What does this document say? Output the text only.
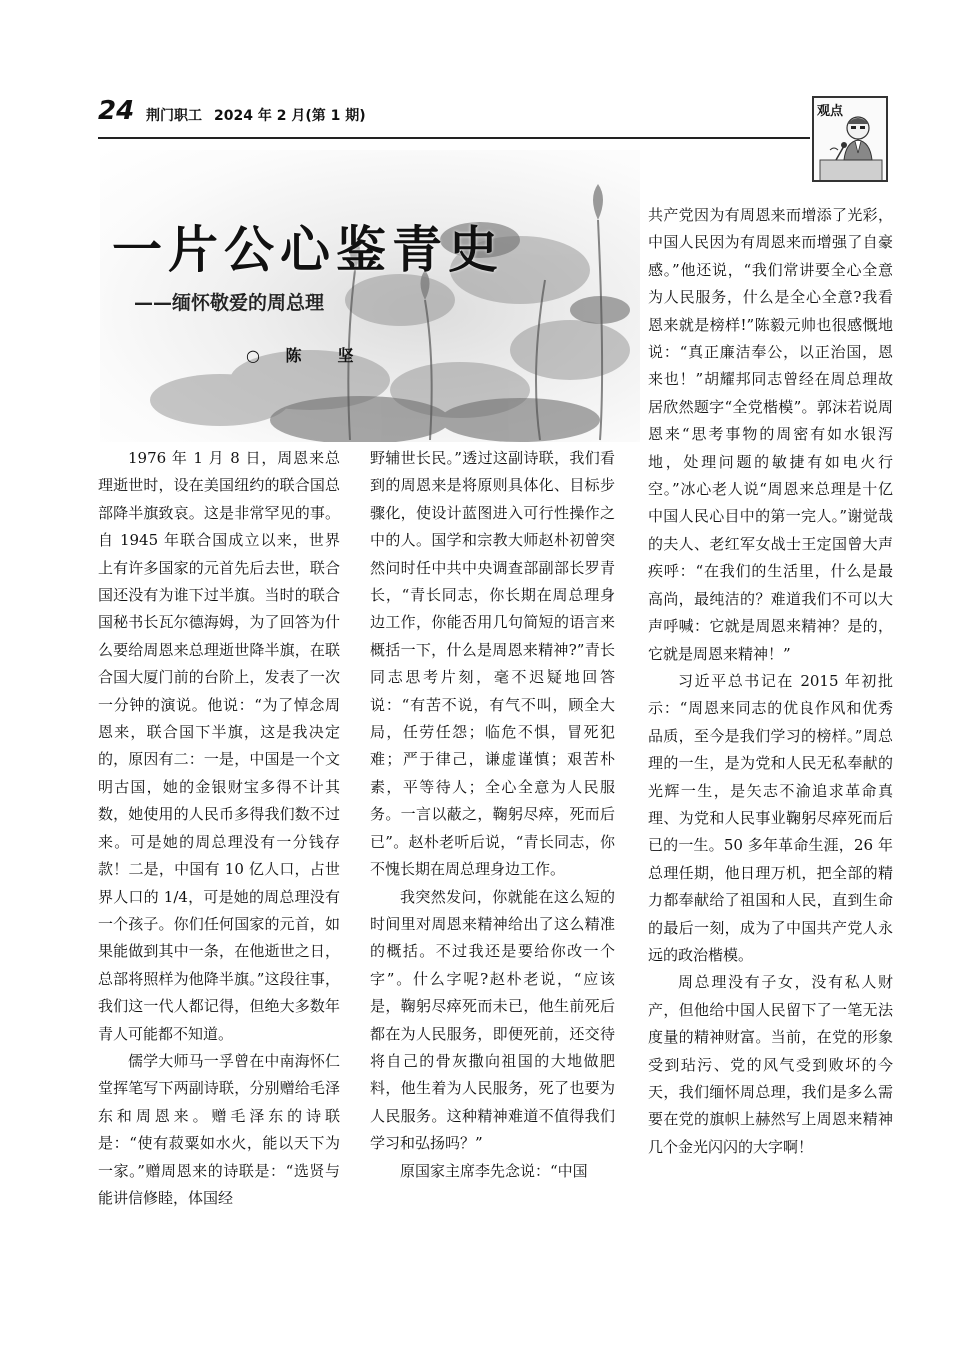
24 荆门职工 2024 年 2 月(第 1 期)	观点
一片公心鉴青史
——缅怀敬爱的周总理
○ 陈　坚

1976 年 1 月 8 日，周恩来总理逝世时，设在美国纽约的联合国总部降半旗致哀。这是非常罕见的事。自 1945 年联合国成立以来，世界上有许多国家的元首先后去世，联合国还没有为谁下过半旗。当时的联合国秘书长瓦尔德海姆，为了回答为什么要给周恩来总理逝世降半旗，在联合国大厦门前的台阶上，发表了一次一分钟的演说。他说：“为了悼念周恩来，联合国下半旗，这是我决定的，原因有二：一是，中国是一个文明古国，她的金银财宝多得不计其数，她使用的人民币多得我们数不过来。可是她的周总理没有一分钱存款！二是，中国有 10 亿人口，占世界人口的 1/4，可是她的周总理没有一个孩子。你们任何国家的元首，如果能做到其中一条，在他逝世之日，总部将照样为他降半旗。”这段往事，我们这一代人都记得，但绝大多数年青人可能都不知道。

儒学大师马一孚曾在中南海怀仁堂挥笔写下两副诗联，分别赠给毛泽东和周恩来。赠毛泽东的诗联是：“使有菽粟如水火，能以天下为一家。”赠周恩来的诗联是：“选贤与能讲信修睦，体国经

野辅世长民。”透过这副诗联，我们看到的周恩来是将原则具体化、目标步骤化，使设计蓝图进入可行性操作之中的人。国学和宗教大师赵朴初曾突然问时任中共中央调查部副部长罗青长，“青长同志，你长期在周总理身边工作，你能否用几句简短的语言来概括一下，什么是周恩来精神?”青长同志思考片刻，毫不迟疑地回答说：“有苦不说，有气不叫，顾全大局，任劳任怨；临危不惧，冒死犯难；严于律己，谦虚谨慎；艰苦朴素，平等待人；全心全意为人民服务。一言以蔽之，鞠躬尽瘁，死而后已”。赵朴老听后说，“青长同志，你不愧长期在周总理身边工作。

我突然发问，你就能在这么短的时间里对周恩来精神给出了这么精准的概括。不过我还是要给你改一个字”。什么字呢?赵朴老说，“应该是，鞠躬尽瘁死而未已，他生前死后都在为人民服务，即便死前，还交待将自己的骨灰撒向祖国的大地做肥料，他生着为人民服务，死了也要为人民服务。这种精神难道不值得我们学习和弘扬吗？”

原国家主席李先念说：“中国

共产党因为有周恩来而增添了光彩，中国人民因为有周恩来而增强了自豪感。”他还说，“我们常讲要全心全意为人民服务，什么是全心全意?我看恩来就是榜样!”陈毅元帅也很感慨地说：“真正廉洁奉公，以正治国，恩来也！”胡耀邦同志曾经在周总理故居欣然题字“全党楷模”。郭沫若说周恩来“思考事物的周密有如水银泻地，处理问题的敏捷有如电火行空。”冰心老人说“周恩来总理是十亿中国人民心目中的第一完人。”谢觉哉的夫人、老红军女战士王定国曾大声疾呼：“在我们的生活里，什么是最高尚，最纯洁的？难道我们不可以大声呼喊：它就是周恩来精神？是的，它就是周恩来精神！”

习近平总书记在 2015 年初批示：“周恩来同志的优良作风和优秀品质，至今是我们学习的榜样。”周总理的一生，是为党和人民无私奉献的光辉一生，是矢志不渝追求革命真理、为党和人民事业鞠躬尽瘁死而后已的一生。50 多年革命生涯，26 年总理任期，他日理万机，把全部的精力都奉献给了祖国和人民，直到生命的最后一刻，成为了中国共产党人永远的政治楷模。

周总理没有子女，没有私人财产，但他给中国人民留下了一笔无法度量的精神财富。当前，在党的形象受到玷污、党的风气受到败坏的今天，我们缅怀周总理，我们是多么需要在党的旗帜上赫然写上周恩来精神几个金光闪闪的大字啊！
